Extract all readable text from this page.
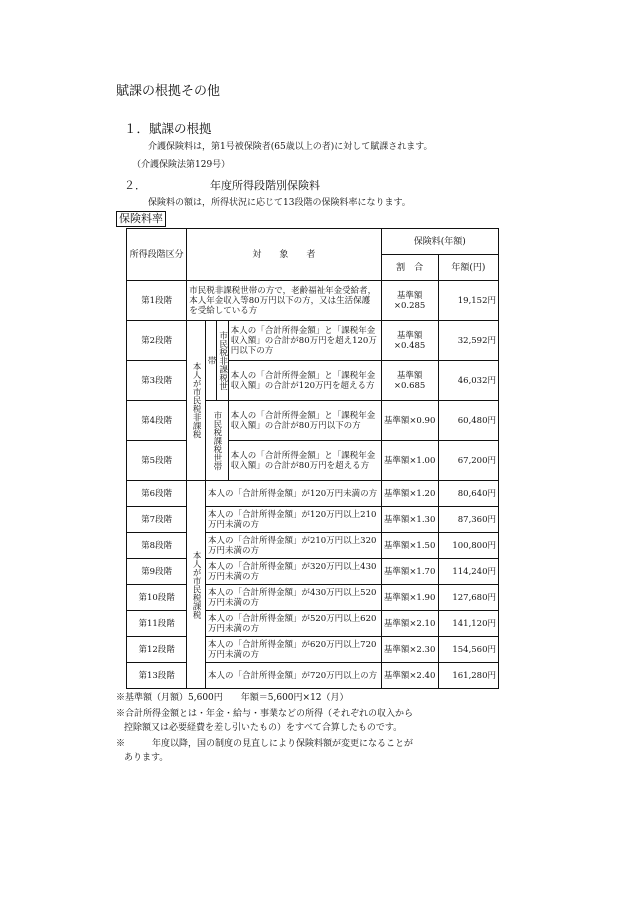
賦課の根拠その他
１．賦課の根拠
介護保険料は，第1号被保険者(65歳以上の者)に対して賦課されます。
（介護保険法第129号）
２．	年度所得段階別保険料
保険料の額は，所得状況に応じて13段階の保険料率になります。
保険料率
所得段階区分	対　　象　　者				保険料(年額)	
					割　合	年額(円)
第1段階	市民税非課税世帯の方で，老齢福祉年金受給者，本人年金収入等80万円以下の方，又は生活保護を受給している方				基準額×0.285	19,152円
第2段階	本人が市民税非課税	帯	市民税非課税世	本人の「合計所得金額」と「課税年金収入額」の合計が80万円を超え120万円以下の方	基準額×0.485	32,592円
第3段階				本人の「合計所得金額」と「課税年金収入額」の合計が120万円を超える方	基準額×0.685	46,032円
第4段階		市民税課税世帯		本人の「合計所得金額」と「課税年金収入額」の合計が80万円以下の方	基準額×0.90	60,480円
第5段階				本人の「合計所得金額」と「課税年金収入額」の合計が80万円を超える方	基準額×1.00	67,200円
第6段階	本人が市民税課税	本人の「合計所得金額」が120万円未満の方			基準額×1.20	80,640円
第7段階		本人の「合計所得金額」が120万円以上210万円未満の方			基準額×1.30	87,360円
第8段階		本人の「合計所得金額」が210万円以上320万円未満の方			基準額×1.50	100,800円
第9段階		本人の「合計所得金額」が320万円以上430万円未満の方			基準額×1.70	114,240円
第10段階		本人の「合計所得金額」が430万円以上520万円未満の方			基準額×1.90	127,680円
第11段階		本人の「合計所得金額」が520万円以上620万円未満の方			基準額×2.10	141,120円
第12段階		本人の「合計所得金額」が620万円以上720万円未満の方			基準額×2.30	154,560円
第13段階		本人の「合計所得金額」が720万円以上の方			基準額×2.40	161,280円
※基準額（月額）5,600円　　年額＝5,600円×12（月）
※合計所得金額とは・年金・給与・事業などの所得（それぞれの収入から
控除額又は必要経費を差し引いたもの）をすべて合算したものです。
※　　　年度以降，国の制度の見直しにより保険料額が変更になることが
あります。
